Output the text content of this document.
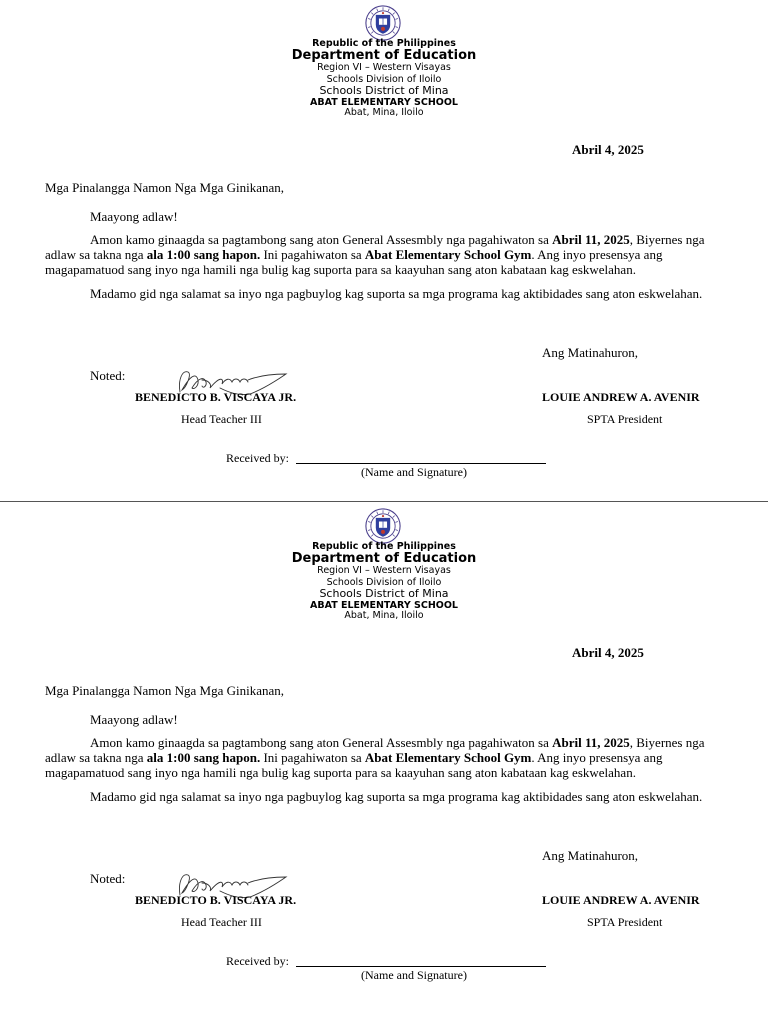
Republic of the Philippines
Department of Education
Region VI – Western Visayas
Schools Division of Iloilo
Schools District of Mina
ABAT ELEMENTARY SCHOOL
Abat, Mina, Iloilo
Abril 4, 2025
Mga Pinalangga Namon Nga Mga Ginikanan,
Maayong adlaw!
Amon kamo ginaagda sa pagtambong sang aton General Assesmbly nga pagahiwaton sa Abril 11, 2025, Biyernes nga adlaw sa takna nga ala 1:00 sang hapon. Ini pagahiwaton sa Abat Elementary School Gym. Ang inyo presensya ang magapamatuod sang inyo nga hamili nga bulig kag suporta para sa kaayuhan sang aton kabataan kag eskwelahan.
Madamo gid nga salamat sa inyo nga pagbuylog kag suporta sa mga programa kag aktibidades sang aton eskwelahan.
Ang Matinahuron,
Noted:
BENEDICTO B. VISCAYA JR.
Head Teacher III
LOUIE ANDREW A. AVENIR
SPTA President
Received by:
(Name and Signature)
Republic of the Philippines
Department of Education
Region VI – Western Visayas
Schools Division of Iloilo
Schools District of Mina
ABAT ELEMENTARY SCHOOL
Abat, Mina, Iloilo
Abril 4, 2025
Mga Pinalangga Namon Nga Mga Ginikanan,
Maayong adlaw!
Amon kamo ginaagda sa pagtambong sang aton General Assesmbly nga pagahiwaton sa Abril 11, 2025, Biyernes nga adlaw sa takna nga ala 1:00 sang hapon. Ini pagahiwaton sa Abat Elementary School Gym. Ang inyo presensya ang magapamatuod sang inyo nga hamili nga bulig kag suporta para sa kaayuhan sang aton kabataan kag eskwelahan.
Madamo gid nga salamat sa inyo nga pagbuylog kag suporta sa mga programa kag aktibidades sang aton eskwelahan.
Ang Matinahuron,
Noted:
BENEDICTO B. VISCAYA JR.
Head Teacher III
LOUIE ANDREW A. AVENIR
SPTA President
Received by:
(Name and Signature)
